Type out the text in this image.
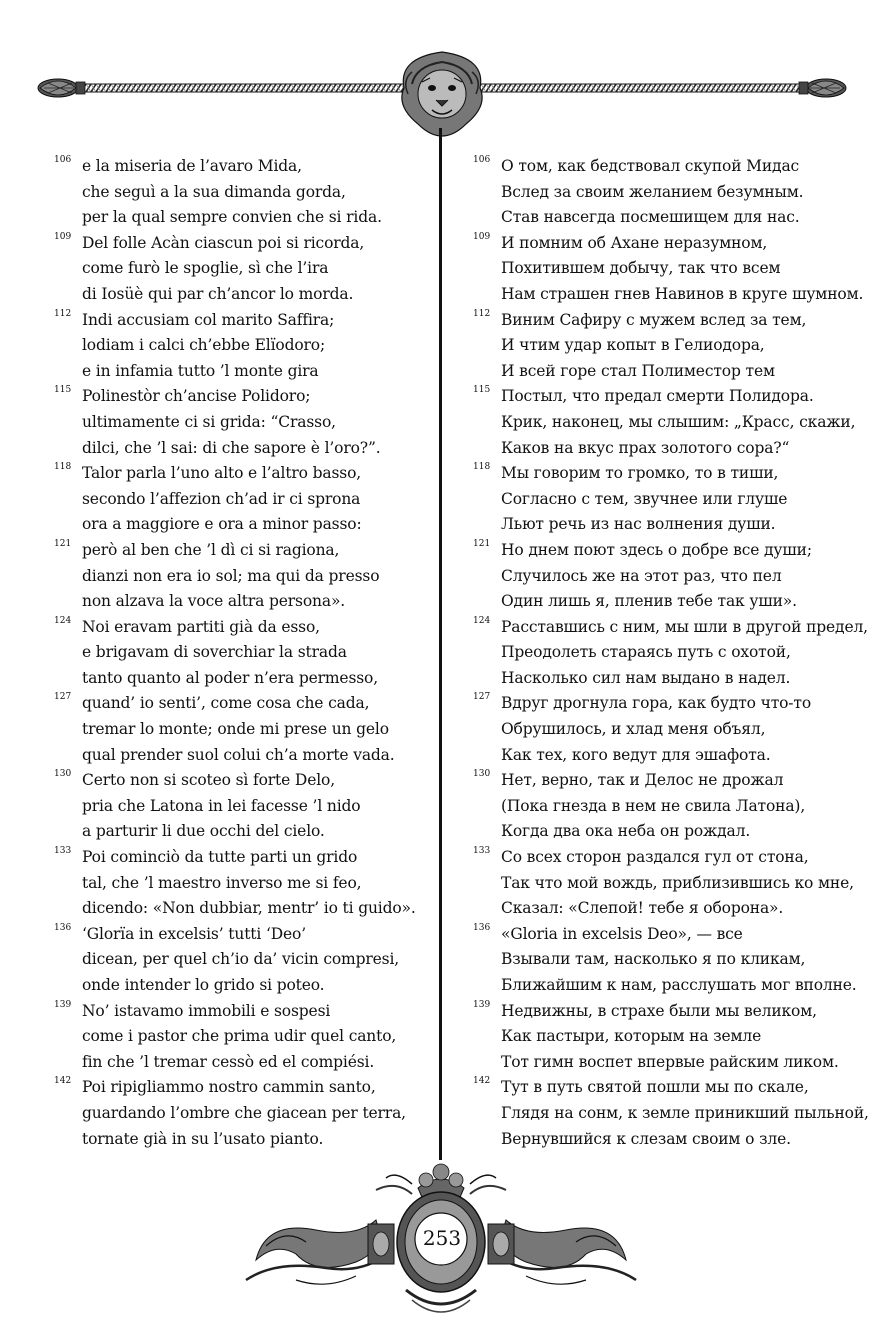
106 e la miseria de l’avaro Mida,
che seguì a la sua dimanda gorda,
per la qual sempre convien che si rida.
109 Del folle Acàn ciascun poi si ricorda,
come furò le spoglie, sì che l’ira
di Iosüè qui par ch’ancor lo morda.
112 Indi accusiam col marito Saffira;
lodiam i calci ch’ebbe Elïodoro;
e in infamia tutto ’l monte gira
115 Polinestòr ch’ancise Polidoro;
ultimamente ci si grida: “Crasso,
dilci, che ’l sai: di che sapore è l’oro?”.
118 Talor parla l’uno alto e l’altro basso,
secondo l’affezion ch’ad ir ci sprona
ora a maggiore e ora a minor passo:
121 però al ben che ’l dì ci si ragiona,
dianzi non era io sol; ma qui da presso
non alzava la voce altra persona».
124 Noi eravam partiti già da esso,
e brigavam di soverchiar la strada
tanto quanto al poder n’era permesso,
127 quand’ io senti’, come cosa che cada,
tremar lo monte; onde mi prese un gelo
qual prender suol colui ch’a morte vada.
130 Certo non si scoteo sì forte Delo,
pria che Latona in lei facesse ’l nido
a parturir li due occhi del cielo.
133 Poi cominciò da tutte parti un grido
tal, che ’l maestro inverso me si feo,
dicendo: «Non dubbiar, mentr’ io ti guido».
136 ‘Glorïa in excelsis’ tutti ‘Deo’
dicean, per quel ch’io da’ vicin compresi,
onde intender lo grido si poteo.
139 No’ istavamo immobili e sospesi
come i pastor che prima udir quel canto,
fin che ’l tremar cessò ed el compiési.
142 Poi ripigliammo nostro cammin santo,
guardando l’ombre che giacean per terra,
tornate già in su l’usato pianto.
106 О том, как бедствовал скупой Мидас
Вслед за своим желанием безумным.
Став навсегда посмешищем для нас.
109 И помним об Ахане неразумном,
Похитившем добычу, так что всем
Нам страшен гнев Навинов в круге шумном.
112 Виним Сафиру с мужем вслед за тем,
И чтим удар копыт в Гелиодора,
И всей горе стал Полиместор тем
115 Постыл, что предал смерти Полидора.
Крик, наконец, мы слышим: „Красс, скажи,
Каков на вкус прах золотого сора?“
118 Мы говорим то громко, то в тиши,
Согласно с тем, звучнее или глуше
Льют речь из нас волнения души.
121 Но днем поют здесь о добре все души;
Случилось же на этот раз, что пел
Один лишь я, пленив тебе так уши».
124 Расставшись с ним, мы шли в другой предел,
Преодолеть стараясь путь с охотой,
Насколько сил нам выдано в надел.
127 Вдруг дрогнула гора, как будто что-то
Обрушилось, и хлад меня объял,
Как тех, кого ведут для эшафота.
130 Нет, верно, так и Делос не дрожал
(Пока гнезда в нем не свила Латона),
Когда два ока неба он рождал.
133 Со всех сторон раздался гул от стона,
Так что мой вождь, приблизившись ко мне,
Сказал: «Слепой! тебе я оборона».
136 «Gloria in excelsis Deo», — все
Взывали там, насколько я по кликам,
Ближайшим к нам, расслушать мог вполне.
139 Недвижны, в страхе были мы великом,
Как пастыри, которым на земле
Тот гимн воспет впервые райским ликом.
142 Тут в путь святой пошли мы по скале,
Глядя на сонм, к земле приникший пыльной,
Вернувшийся к слезам своим о зле.
253
